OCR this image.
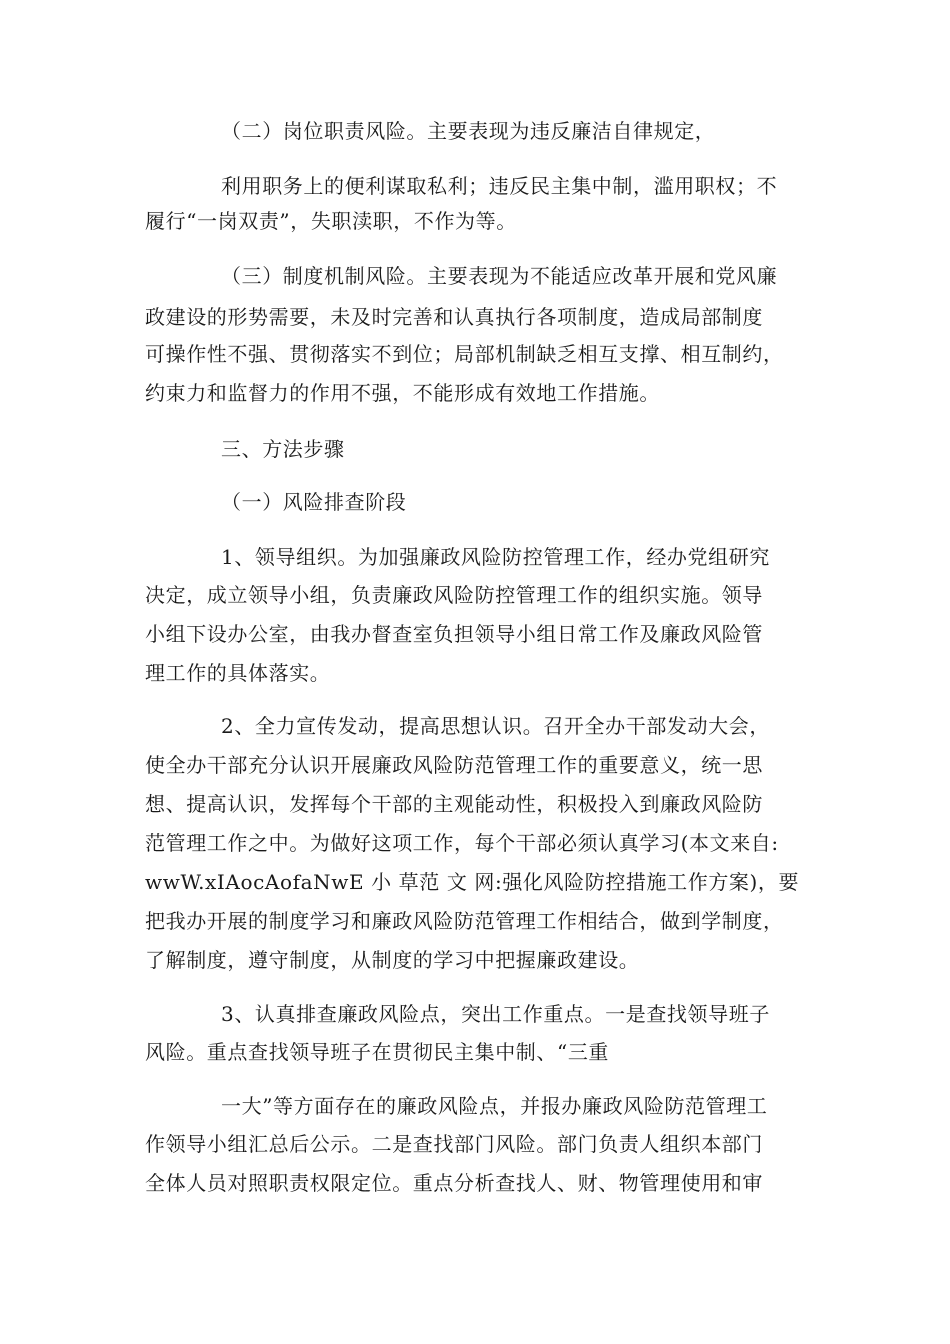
（二）岗位职责风险。主要表现为违反廉洁自律规定，
利用职务上的便利谋取私利；违反民主集中制，滥用职权；不
履行“一岗双责”，失职渎职，不作为等。
（三）制度机制风险。主要表现为不能适应改革开展和党风廉
政建设的形势需要，未及时完善和认真执行各项制度，造成局部制度
可操作性不强、贯彻落实不到位；局部机制缺乏相互支撑、相互制约，
约束力和监督力的作用不强，不能形成有效地工作措施。
三、方法步骤
（一）风险排查阶段
1、领导组织。为加强廉政风险防控管理工作，经办党组研究
决定，成立领导小组，负责廉政风险防控管理工作的组织实施。领导
小组下设办公室，由我办督查室负担领导小组日常工作及廉政风险管
理工作的具体落实。
2、全力宣传发动，提高思想认识。召开全办干部发动大会，
使全办干部充分认识开展廉政风险防范管理工作的重要意义，统一思
想、提高认识，发挥每个干部的主观能动性，积极投入到廉政风险防
范管理工作之中。为做好这项工作，每个干部必须认真学习(本文来自:
wwW.xIAocAofaNwE 小 草范 文 网:强化风险防控措施工作方案)，要
把我办开展的制度学习和廉政风险防范管理工作相结合，做到学制度，
了解制度，遵守制度，从制度的学习中把握廉政建设。
3、认真排查廉政风险点，突出工作重点。一是查找领导班子
风险。重点查找领导班子在贯彻民主集中制、“三重
一大”等方面存在的廉政风险点，并报办廉政风险防范管理工
作领导小组汇总后公示。二是查找部门风险。部门负责人组织本部门
全体人员对照职责权限定位。重点分析查找人、财、物管理使用和审
